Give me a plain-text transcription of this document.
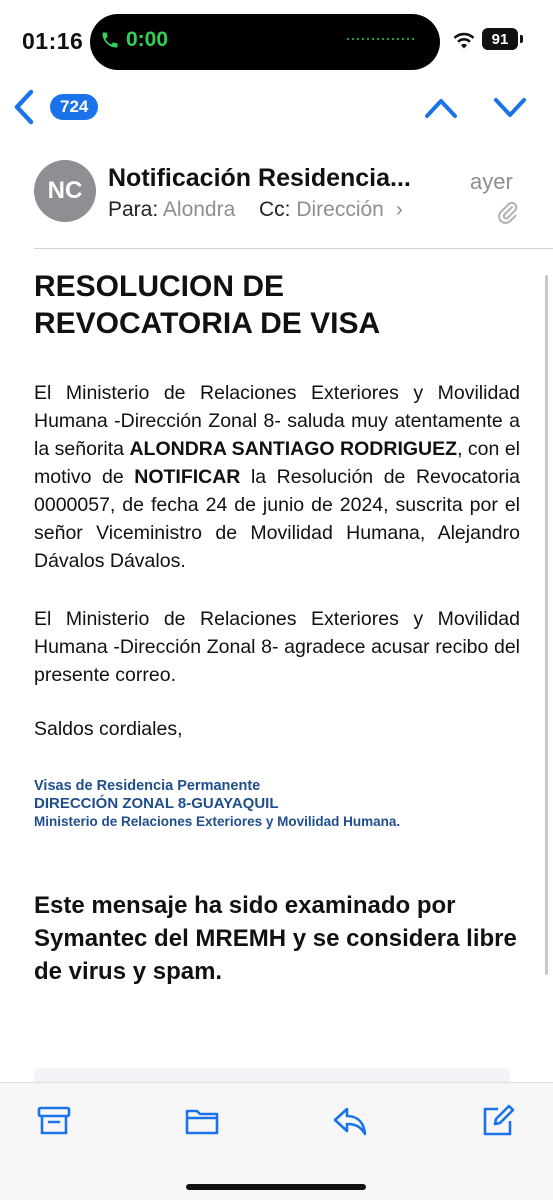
01:16 0:00	91
724
NC	Notificación Residencia...	ayer
Para: Alondra Cc: Dirección ›
RESOLUCION DE
REVOCATORIA DE VISA
El Ministerio de Relaciones Exteriores y Movilidad Humana -Dirección Zonal 8- saluda muy atentamente a la señorita ALONDRA SANTIAGO RODRIGUEZ, con el motivo de NOTIFICAR la Resolución de Revocatoria 0000057, de fecha 24 de junio de 2024, suscrita por el señor Viceministro de Movilidad Humana, Alejandro Dávalos Dávalos.
El Ministerio de Relaciones Exteriores y Movilidad Humana -Dirección Zonal 8- agradece acusar recibo del presente correo.
Saldos cordiales,
Visas de Residencia Permanente
DIRECCIÓN ZONAL 8-GUAYAQUIL
Ministerio de Relaciones Exteriores y Movilidad Humana.
Este mensaje ha sido examinado por Symantec del MREMH y se considera libre de virus y spam.
